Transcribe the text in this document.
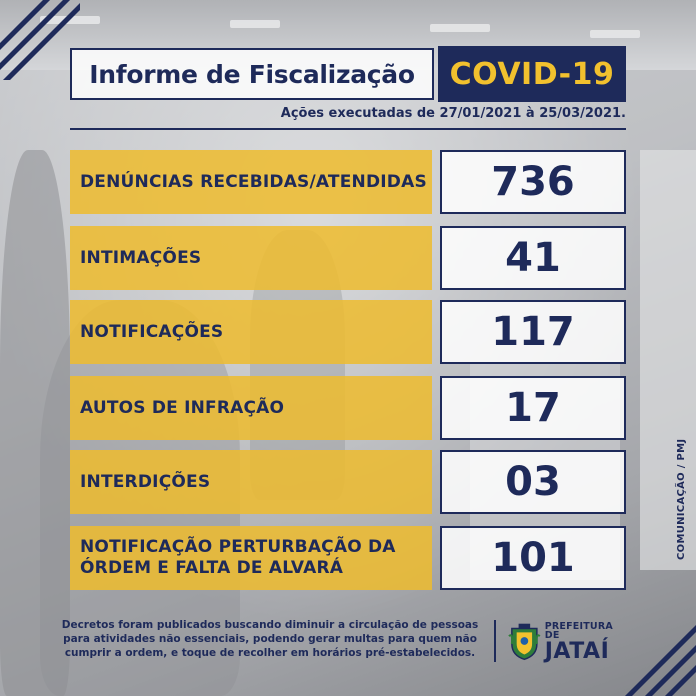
Informe de Fiscalização COVID-19
Ações executadas de 27/01/2021 à 25/03/2021.
DENÚNCIAS RECEBIDAS/ATENDIDAS 736
INTIMAÇÕES	41
NOTIFICAÇÕES	117
AUTOS DE INFRAÇÃO	17
INTERDIÇÕES	03
NOTIFICAÇÃO PERTURBAÇÃO DA
ÓRDEM E FALTA DE ALVARÁ	101	COMUNICAÇÃO / PMJ
Decretos foram publicados buscando diminuir a circulação de pessoas
para atividades não essenciais, podendo gerar multas para quem não
cumprir a ordem, e toque de recolher em horários pré-estabelecidos.
PREFEITURA DE
JATAÍ
